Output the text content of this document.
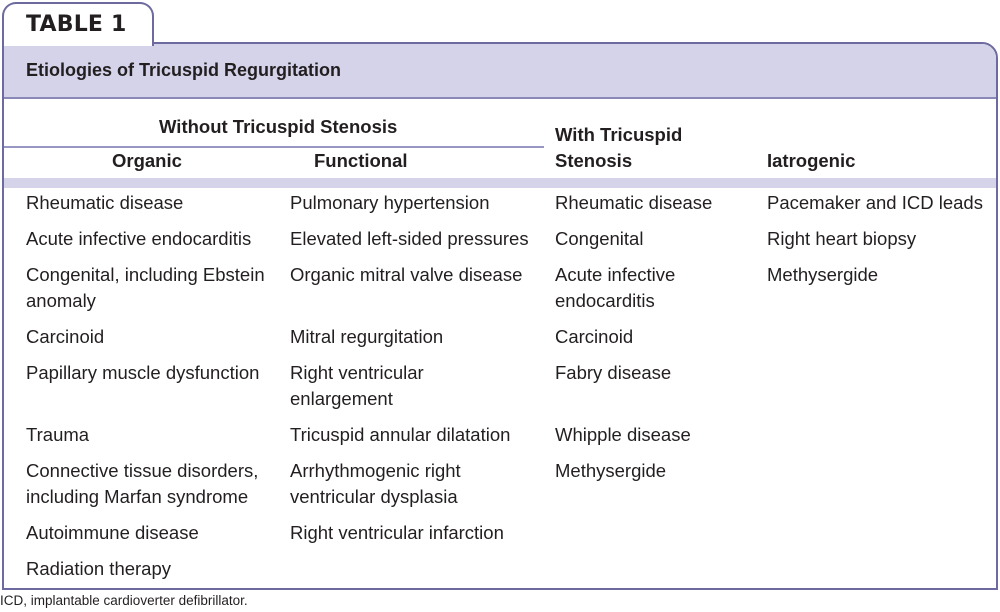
TABLE 1
Etiologies of Tricuspid Regurgitation
Without Tricuspid Stenosis
Organic	Functional
With Tricuspid Stenosis	Iatrogenic
Rheumatic disease
Acute infective endocarditis
Congenital, including Ebstein anomaly
Carcinoid
Papillary muscle dysfunction
Trauma
Connective tissue disorders, including Marfan syndrome
Autoimmune disease
Radiation therapy
Pulmonary hypertension
Elevated left-sided pressures
Organic mitral valve disease
Mitral regurgitation
Right ventricular enlargement
Tricuspid annular dilatation
Arrhythmogenic right ventricular dysplasia
Right ventricular infarction
Rheumatic disease
Congenital
Acute infective endocarditis
Carcinoid
Fabry disease
Whipple disease
Methysergide
Pacemaker and ICD leads
Right heart biopsy
Methysergide
ICD, implantable cardioverter defibrillator.
